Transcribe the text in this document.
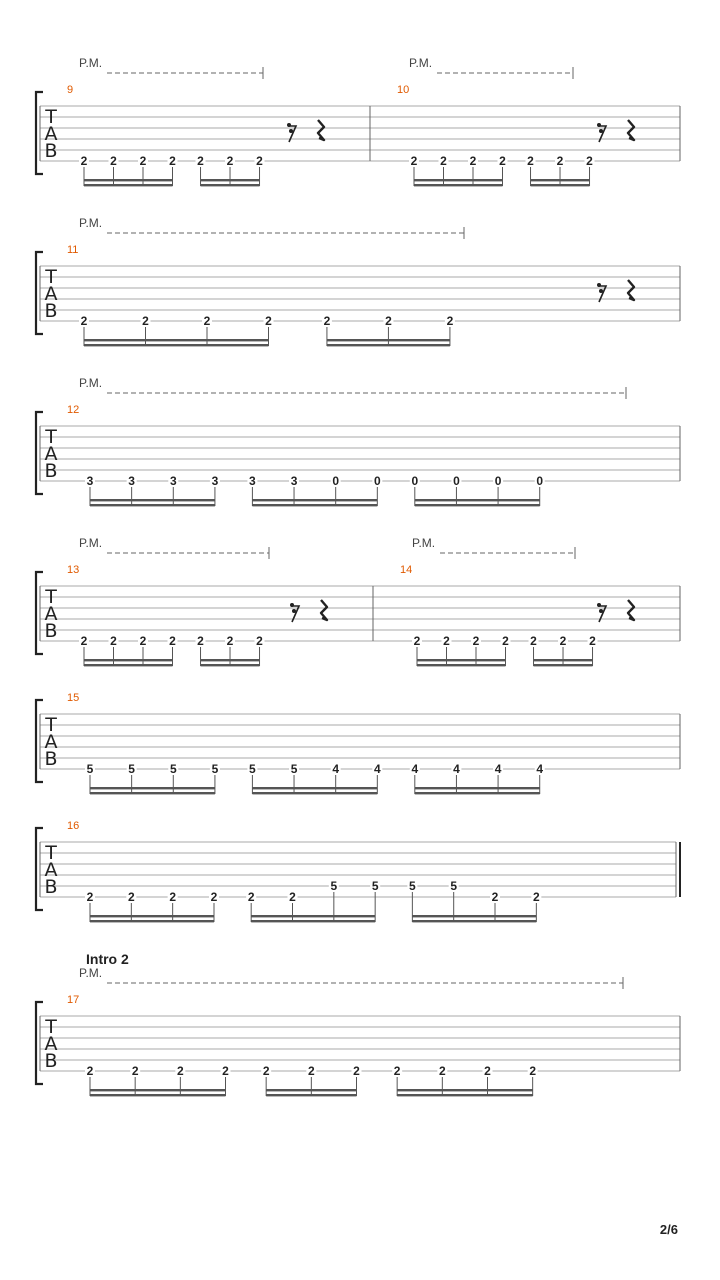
T
A
B
9
P.M.
2 2 2 2 2 2 2
10
P.M.
2 2 2 2 2 2 2
T
A
B
11
P.M.
2	2	2	2	2	2	2
T
A
B
12
P.M.
3	3	3	3	3	3	0	0	0	0	0	0
T
A
B
13
P.M.
2 2 2 2 2 2 2
14
P.M.
2 2 2 2 2 2 2
T
A
B
15
5	5	5	5	5	5	4	4	4	4	4	4
T
A
B
16
2	2	2	2	2	2
5	5	5	5
2	2
T
A
B
17
P.M.
2	2	2	2	2	2	2	2	2	2	2
Intro 2
2/6
